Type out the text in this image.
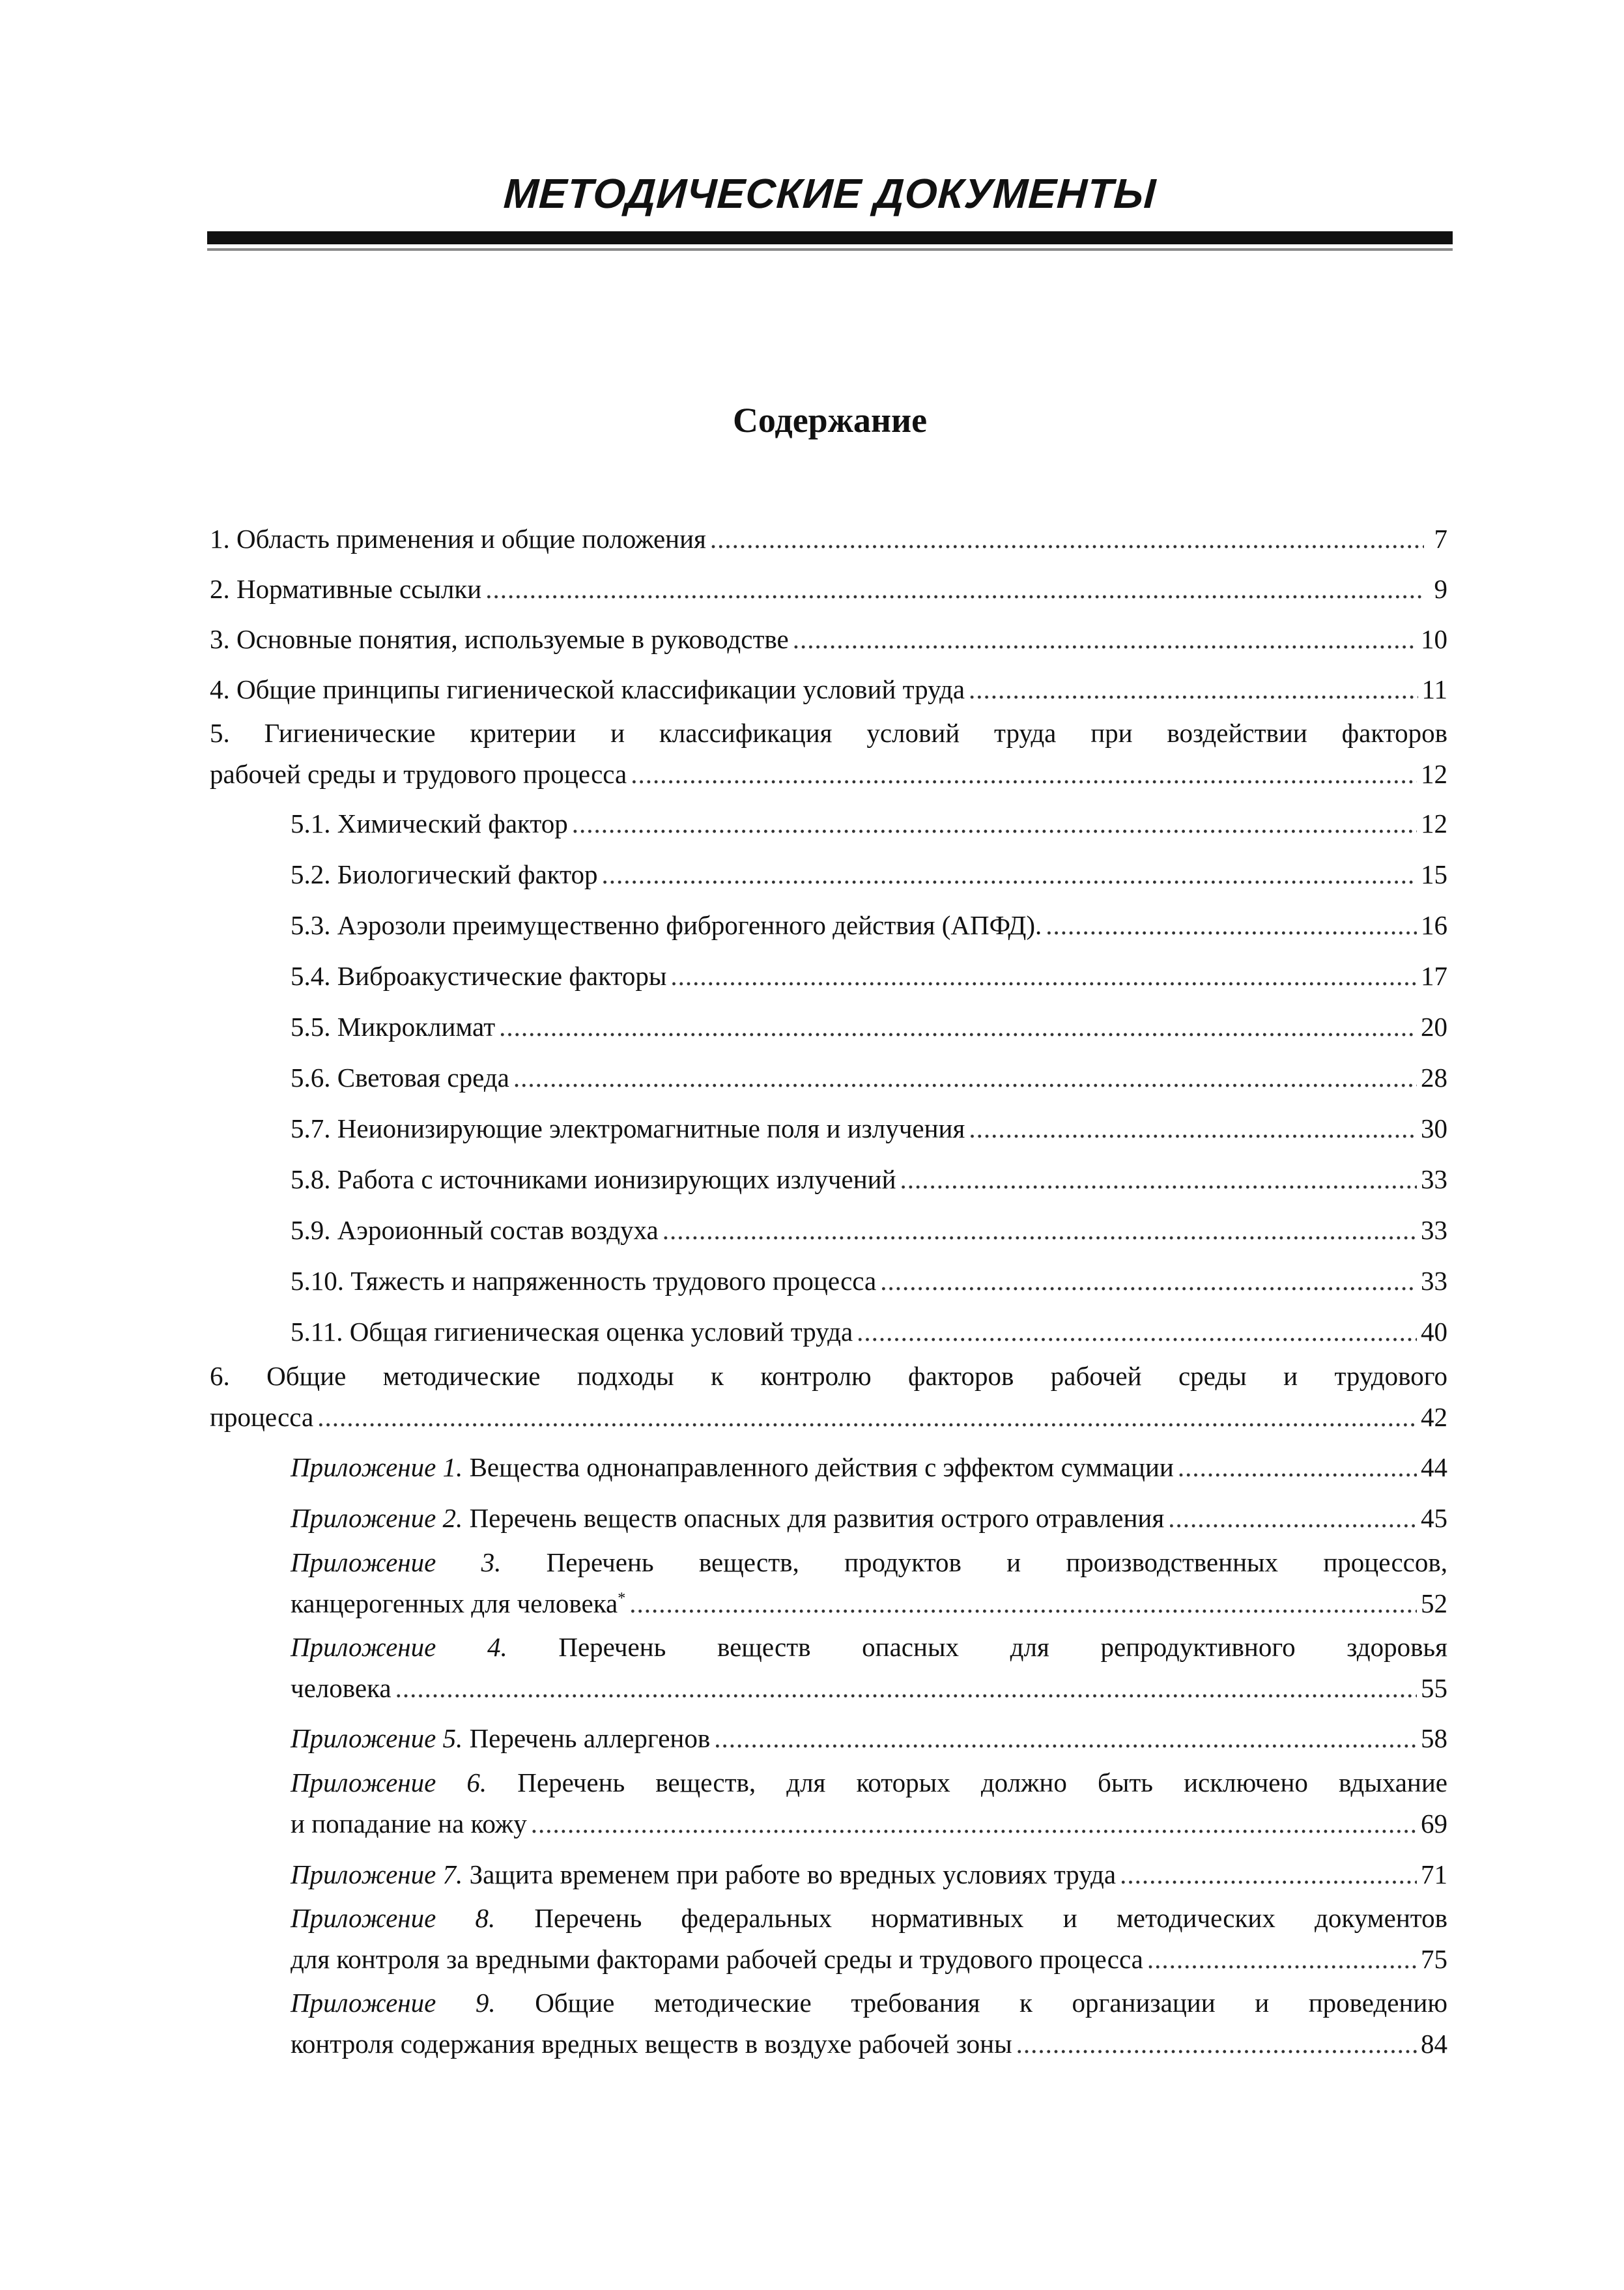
МЕТОДИЧЕСКИЕ ДОКУМЕНТЫ
Содержание
1. Область применения и общие положения .....	7
2. Нормативные ссылки .....	9
3. Основные понятия, используемые в руководстве .....	10
4. Общие принципы гигиенической классификации условий труда .....	11
5. Гигиенические критерии и классификация условий труда при воздействии факторов
рабочей среды и трудового процесса .....	12
5.1. Химический фактор .....	12
5.2. Биологический фактор .....	15
5.3. Аэрозоли преимущественно фиброгенного действия (АПФД). .....	16
5.4. Виброакустические факторы .....	17
5.5. Микроклимат .....	20
5.6. Световая среда .....	28
5.7. Неионизирующие электромагнитные поля и излучения .....	30
5.8. Работа с источниками ионизирующих излучений .....	33
5.9. Аэроионный состав воздуха .....	33
5.10. Тяжесть и напряженность трудового процесса .....	33
5.11. Общая гигиеническая оценка условий труда .....	40
6. Общие методические подходы к контролю факторов рабочей среды и трудового
процесса .....	42
Приложение 1. Вещества однонаправленного действия с эффектом суммации .....	44
Приложение 2. Перечень веществ опасных для развития острого отравления .....	45
Приложение 3. Перечень веществ, продуктов и производственных процессов,
канцерогенных для человека* .....	52
Приложение 4. Перечень веществ опасных для репродуктивного здоровья
человека .....	55
Приложение 5. Перечень аллергенов .....	58
Приложение 6. Перечень веществ, для которых должно быть исключено вдыхание
и попадание на кожу .....	69
Приложение 7. Защита временем при работе во вредных условиях труда .....	71
Приложение 8. Перечень федеральных нормативных и методических документов
для контроля за вредными факторами рабочей среды и трудового процесса .....	75
Приложение 9. Общие методические требования к организации и проведению
контроля содержания вредных веществ в воздухе рабочей зоны .....	84
